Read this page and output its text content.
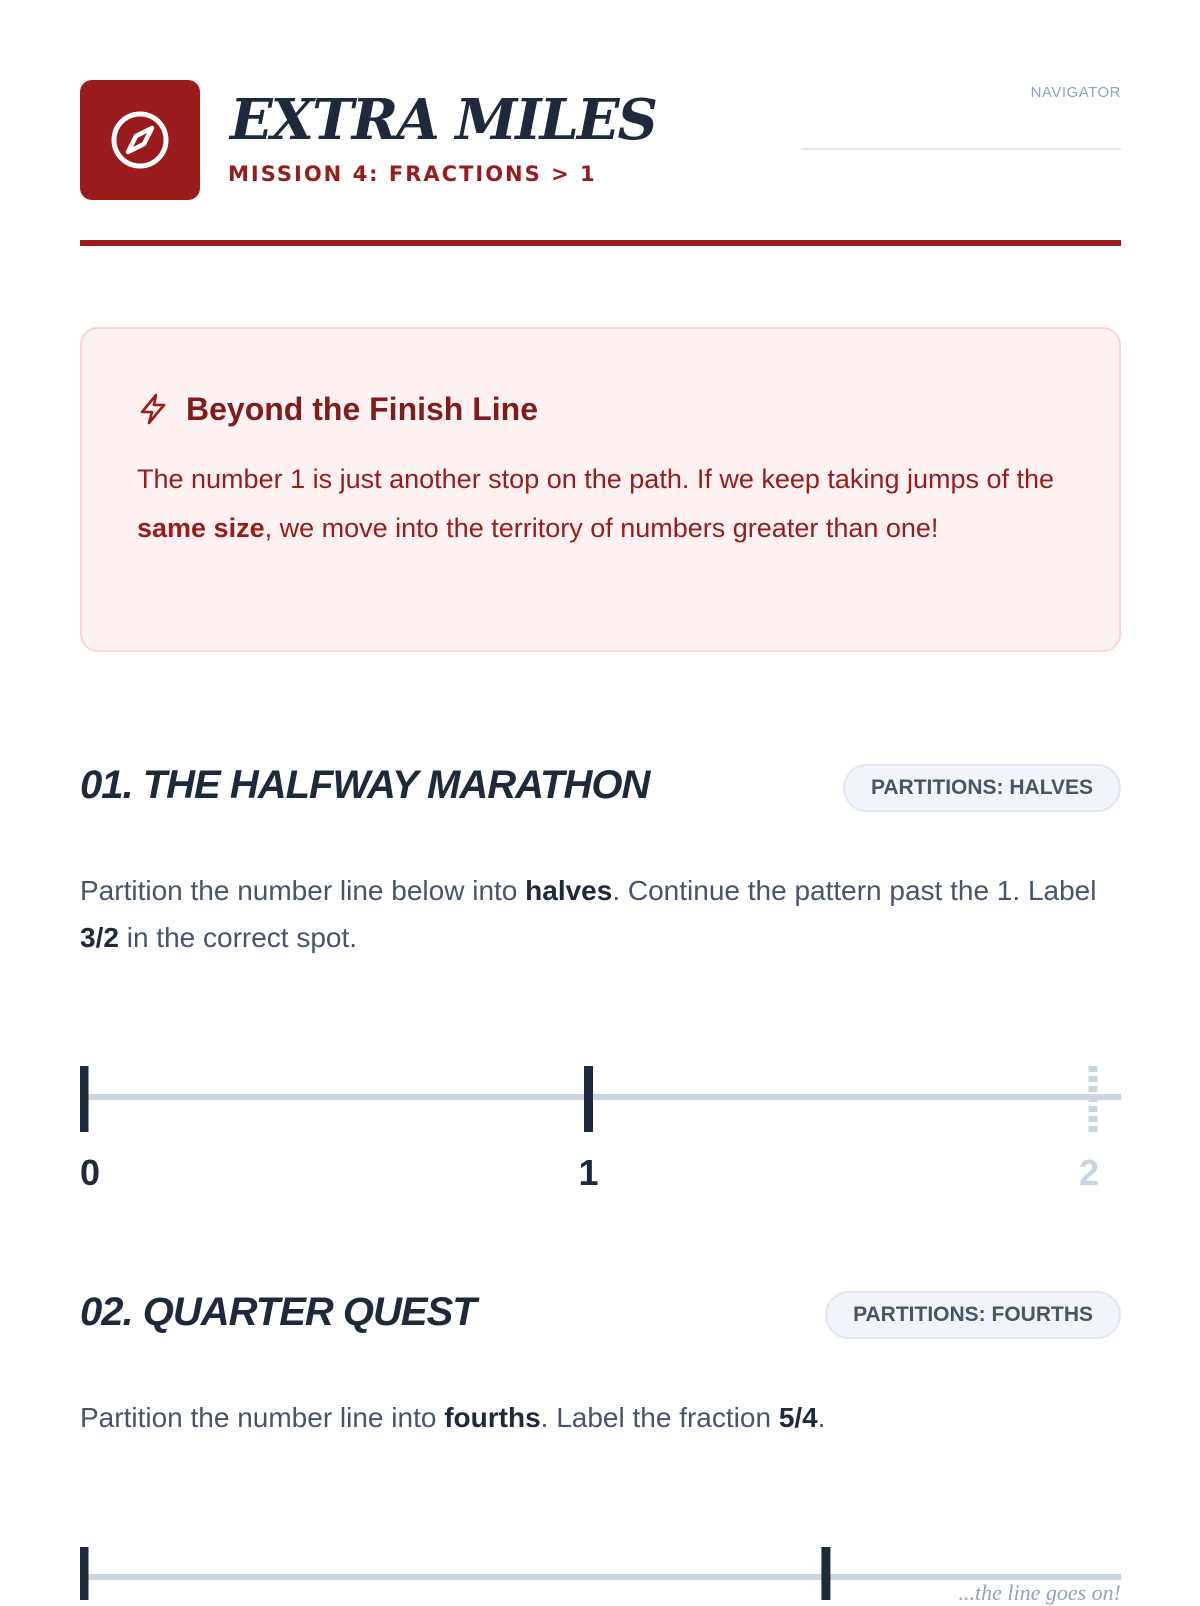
EXTRA MILES
MISSION 4: FRACTIONS > 1
NAVIGATOR
Beyond the Finish Line
The number 1 is just another stop on the path. If we keep taking jumps of the same size, we move into the territory of numbers greater than one!
01. THE HALFWAY MARATHON	PARTITIONS: HALVES
Partition the number line below into halves. Continue the pattern past the 1. Label 3/2 in the correct spot.
0	1	2
02. QUARTER QUEST	PARTITIONS: FOURTHS
Partition the number line into fourths. Label the fraction 5/4.
...the line goes on!
